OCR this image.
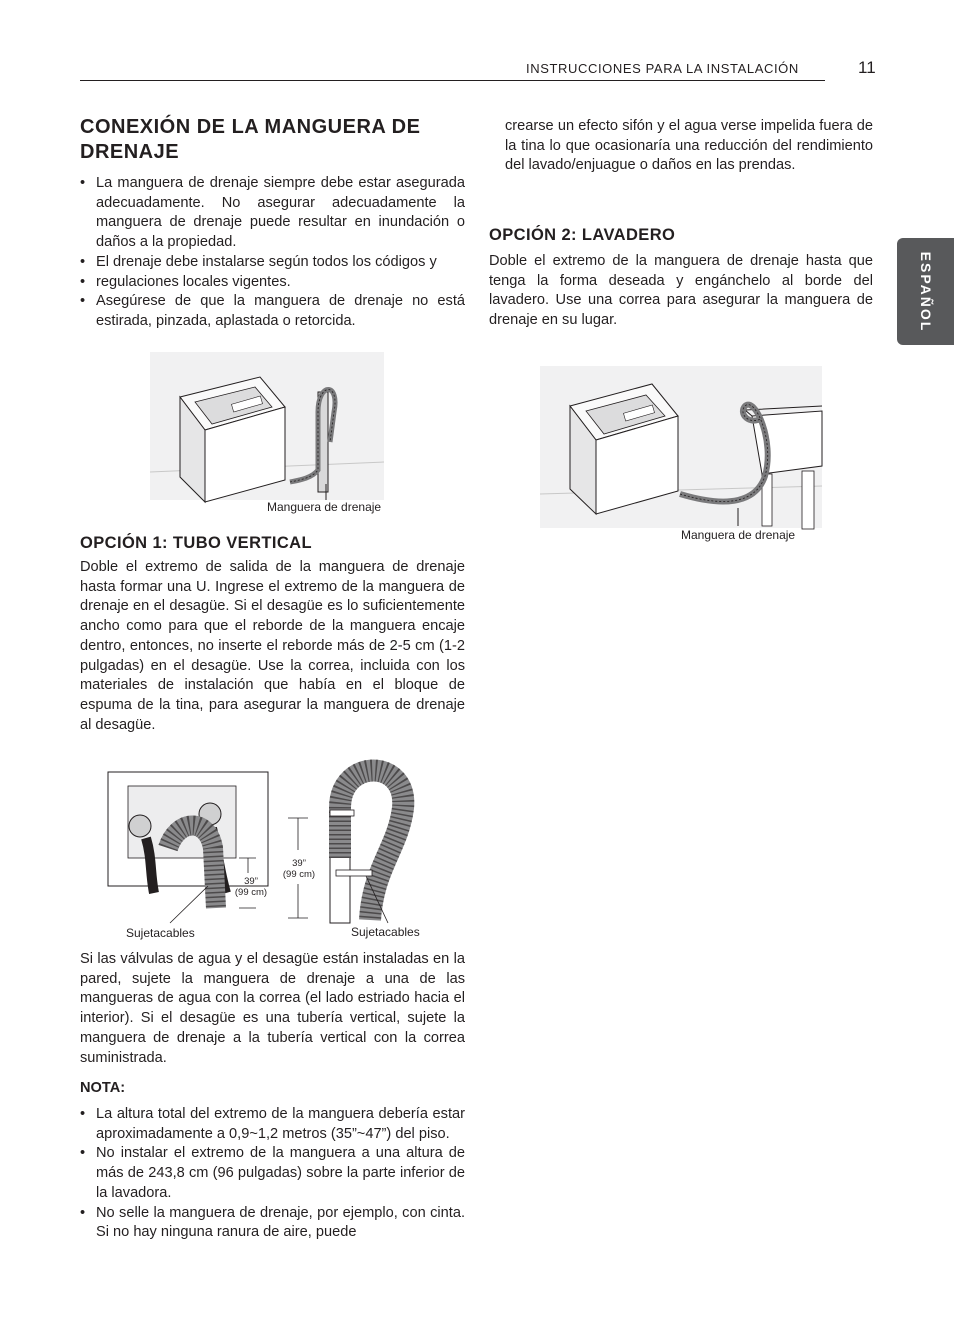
INSTRUCCIONES PARA LA INSTALACIÓN	11
ESPAÑOL
CONEXIÓN DE LA MANGUERA DE
DRENAJE
• La manguera de drenaje siempre debe estar asegurada adecuadamente. No asegurar adecuadamente la manguera de drenaje puede resultar en inundación o daños a la propiedad.
• El drenaje debe instalarse según todos los códigos y
• regulaciones locales vigentes.
• Asegúrese de que la manguera de drenaje no está estirada, pinzada, aplastada o retorcida.
Manguera de drenaje
OPCIÓN 1: TUBO VERTICAL
Doble el extremo de salida de la manguera de drenaje hasta formar una U. Ingrese el extremo de la manguera de drenaje en el desagüe. Si el desagüe es lo suficientemente ancho como para que el reborde de la manguera encaje dentro, entonces, no inserte el reborde más de 2-5 cm (1-2 pulgadas) en el desagüe. Use la correa, incluida con los materiales de instalación que había en el bloque de espuma de la tina, para asegurar la manguera de drenaje al desagüe.
39”
(99 cm)
39”
(99 cm)
Sujetacables	Sujetacables
Si las válvulas de agua y el desagüe están instaladas en la pared, sujete la manguera de drenaje a una de las mangueras de agua con la correa (el lado estriado hacia el interior). Si el desagüe es una tubería vertical, sujete la manguera de drenaje a la tubería vertical con la correa suministrada.
NOTA:
• La altura total del extremo de la manguera debería estar aproximadamente a 0,9~1,2 metros (35”~47”) del piso.
• No instalar el extremo de la manguera a una altura de más de 243,8 cm (96 pulgadas) sobre la parte inferior de la lavadora.
• No selle la manguera de drenaje, por ejemplo, con cinta. Si no hay ninguna ranura de aire, puede
crearse un efecto sifón y el agua verse impelida fuera de la tina lo que ocasionaría una reducción del rendimiento del lavado/enjuague o daños en las prendas.
OPCIÓN 2: LAVADERO
Doble el extremo de la manguera de drenaje hasta que tenga la forma deseada y engánchelo al borde del lavadero. Use una correa para asegurar la manguera de drenaje en su lugar.
Manguera de drenaje
